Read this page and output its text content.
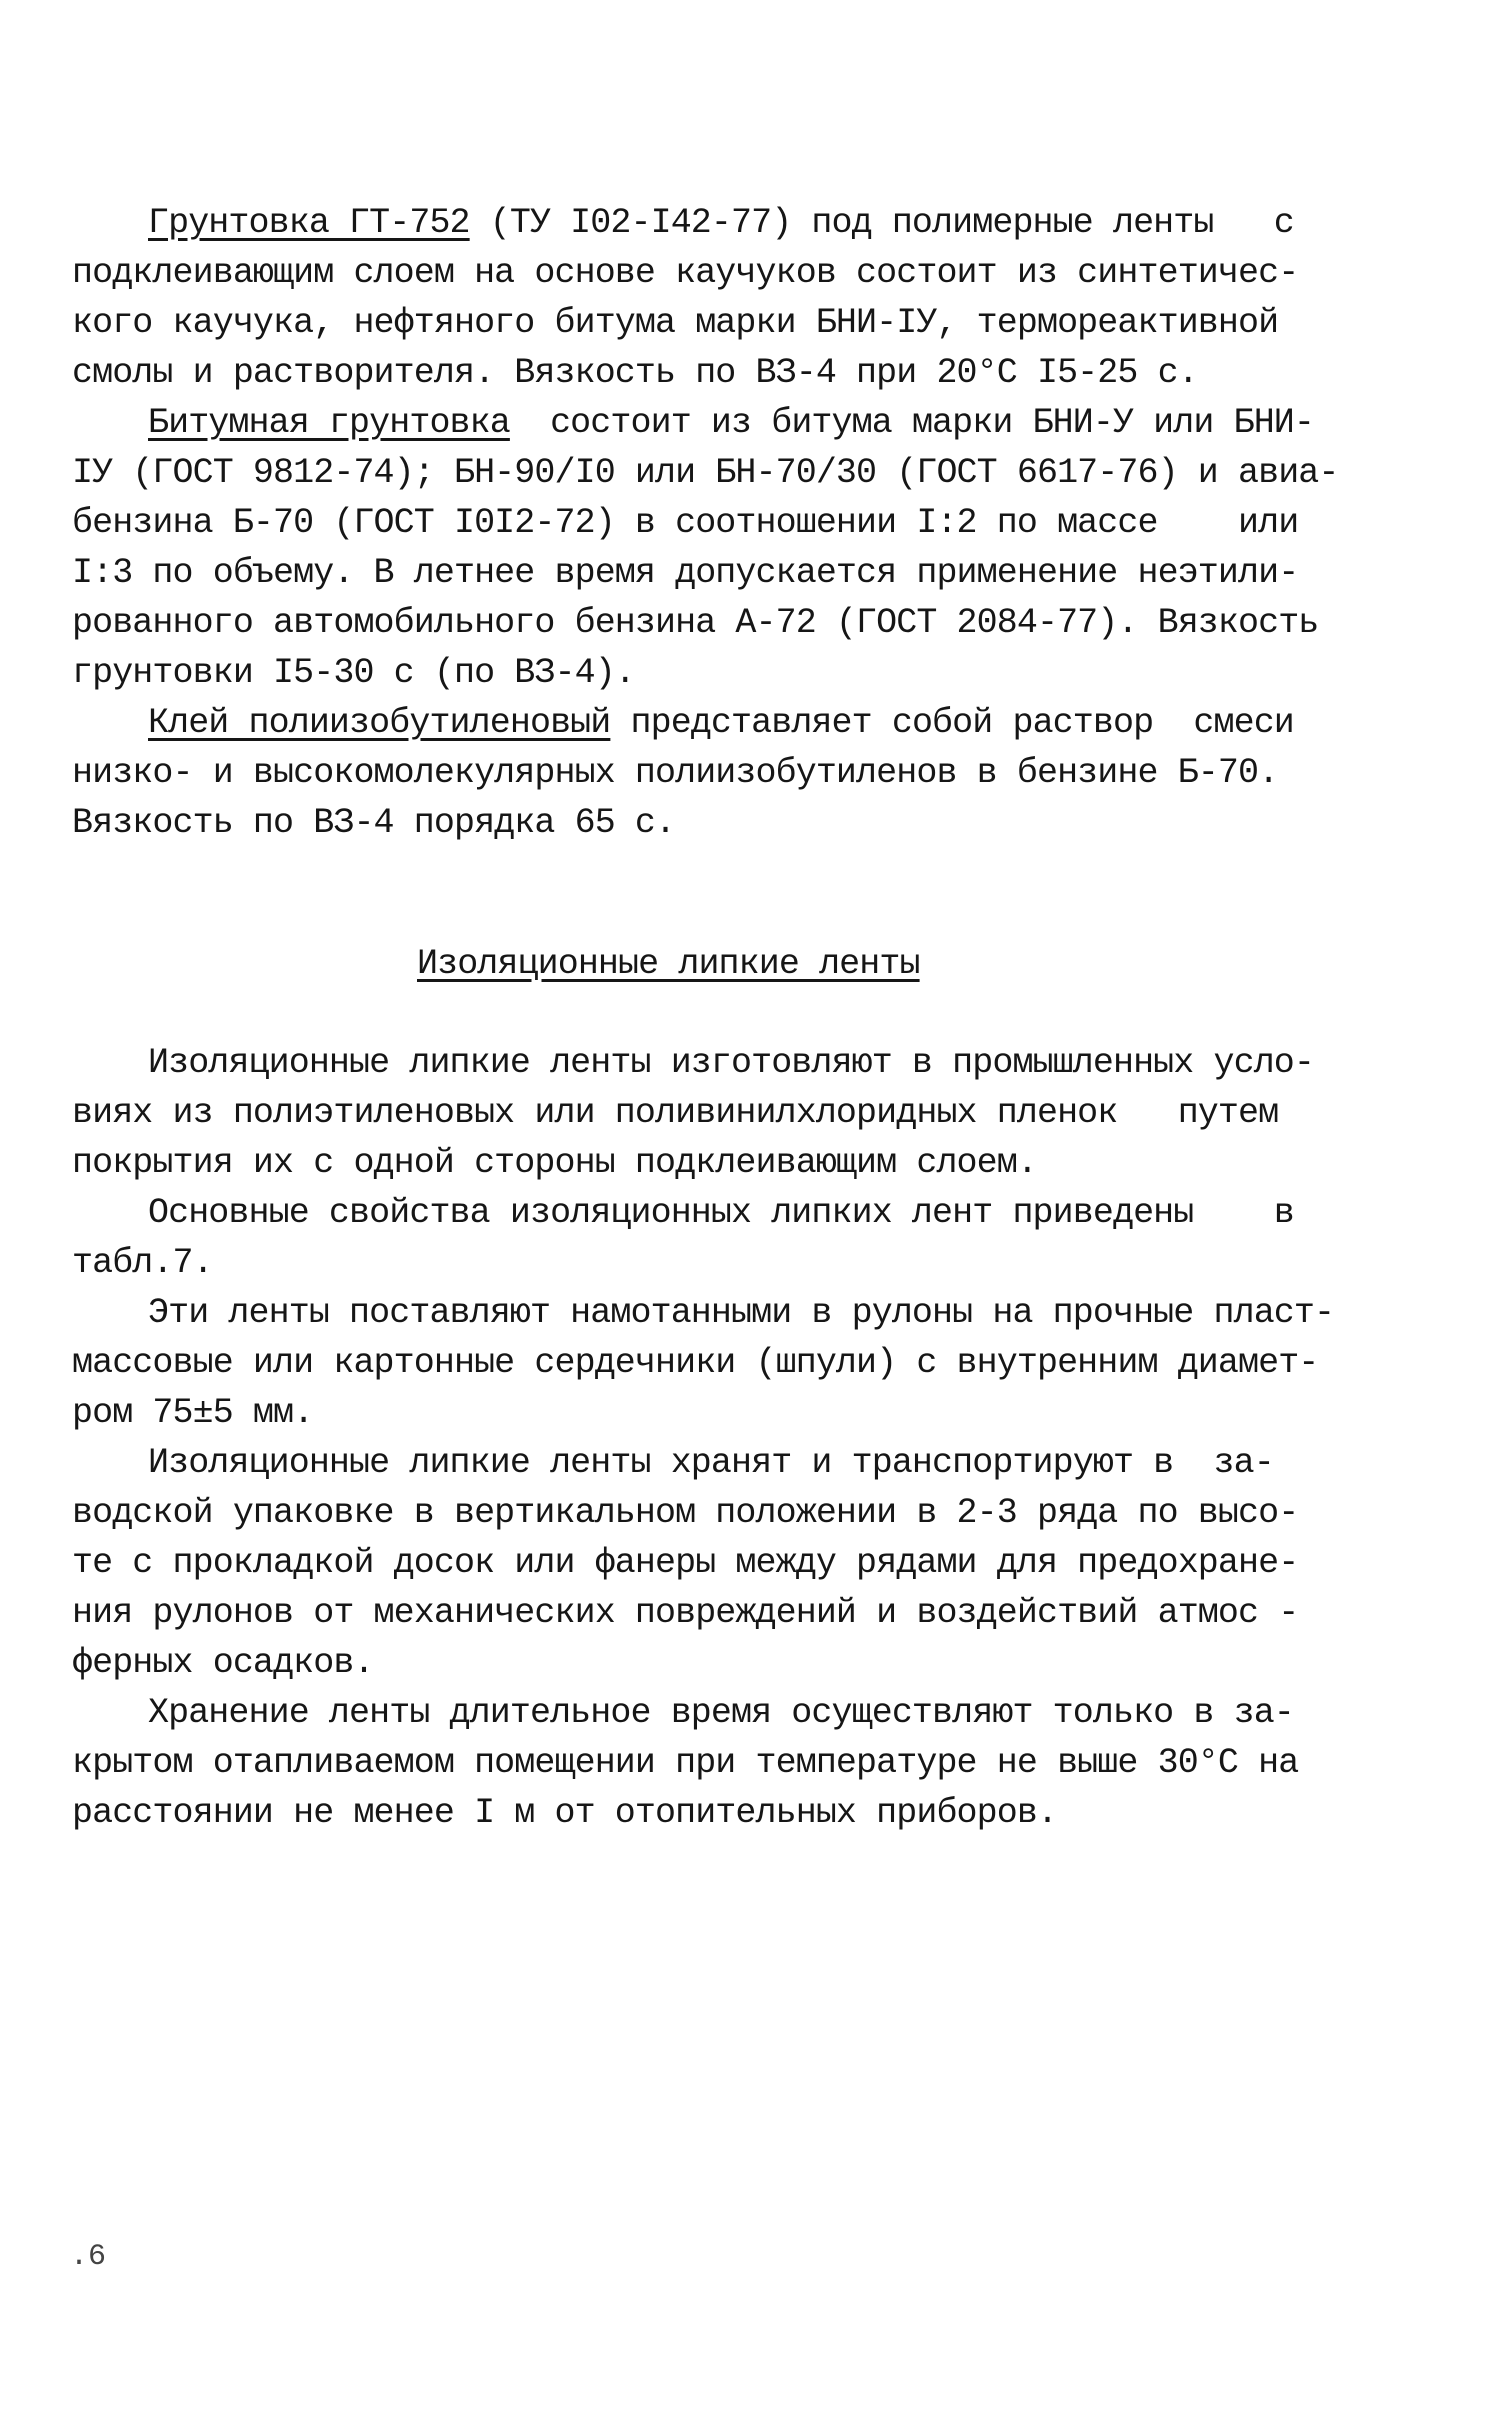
Грунтовка ГТ-752 (ТУ I02-I42-77) под полимерные ленты   с
подклеивающим слоем на основе каучуков состоит из синтетичес-
кого каучука, нефтяного битума марки БНИ-IУ, термореактивной
смолы и растворителя. Вязкость по ВЗ-4 при 20°С I5-25 с.
Битумная грунтовка  состоит из битума марки БНИ-У или БНИ-
IУ (ГОСТ 9812-74); БН-90/I0 или БН-70/30 (ГОСТ 6617-76) и авиа-
бензина Б-70 (ГОСТ I0I2-72) в соотношении I:2 по массе    или
I:3 по объему. В летнее время допускается применение неэтили-
рованного автомобильного бензина А-72 (ГОСТ 2084-77). Вязкость
грунтовки I5-30 с (по ВЗ-4).
Клей полиизобутиленовый представляет собой раствор  смеси
низко- и высокомолекулярных полиизобутиленов в бензине Б-70.
Вязкость по ВЗ-4 порядка 65 с.
Изоляционные липкие ленты
Изоляционные липкие ленты изготовляют в промышленных усло-
виях из полиэтиленовых или поливинилхлоридных пленок   путем
покрытия их с одной стороны подклеивающим слоем.
Основные свойства изоляционных липких лент приведены    в
табл.7.
Эти ленты поставляют намотанными в рулоны на прочные плаcт-
массовые или картонные сердечники (шпули) с внутренним диамет-
ром 75±5 мм.
Изоляционные липкие ленты хранят и транспортируют в  за-
водской упаковке в вертикальном положении в 2-3 ряда по высо-
те с прокладкой досок или фанеры между рядами для предохране-
ния рулонов от механических повреждений и воздействий атмос -
ферных осадков.
Хранение ленты длительное время осуществляют только в за-
крытом отапливаемом помещении при температуре не выше 30°С на
расстоянии не менее I м от отопительных приборов.
.6
